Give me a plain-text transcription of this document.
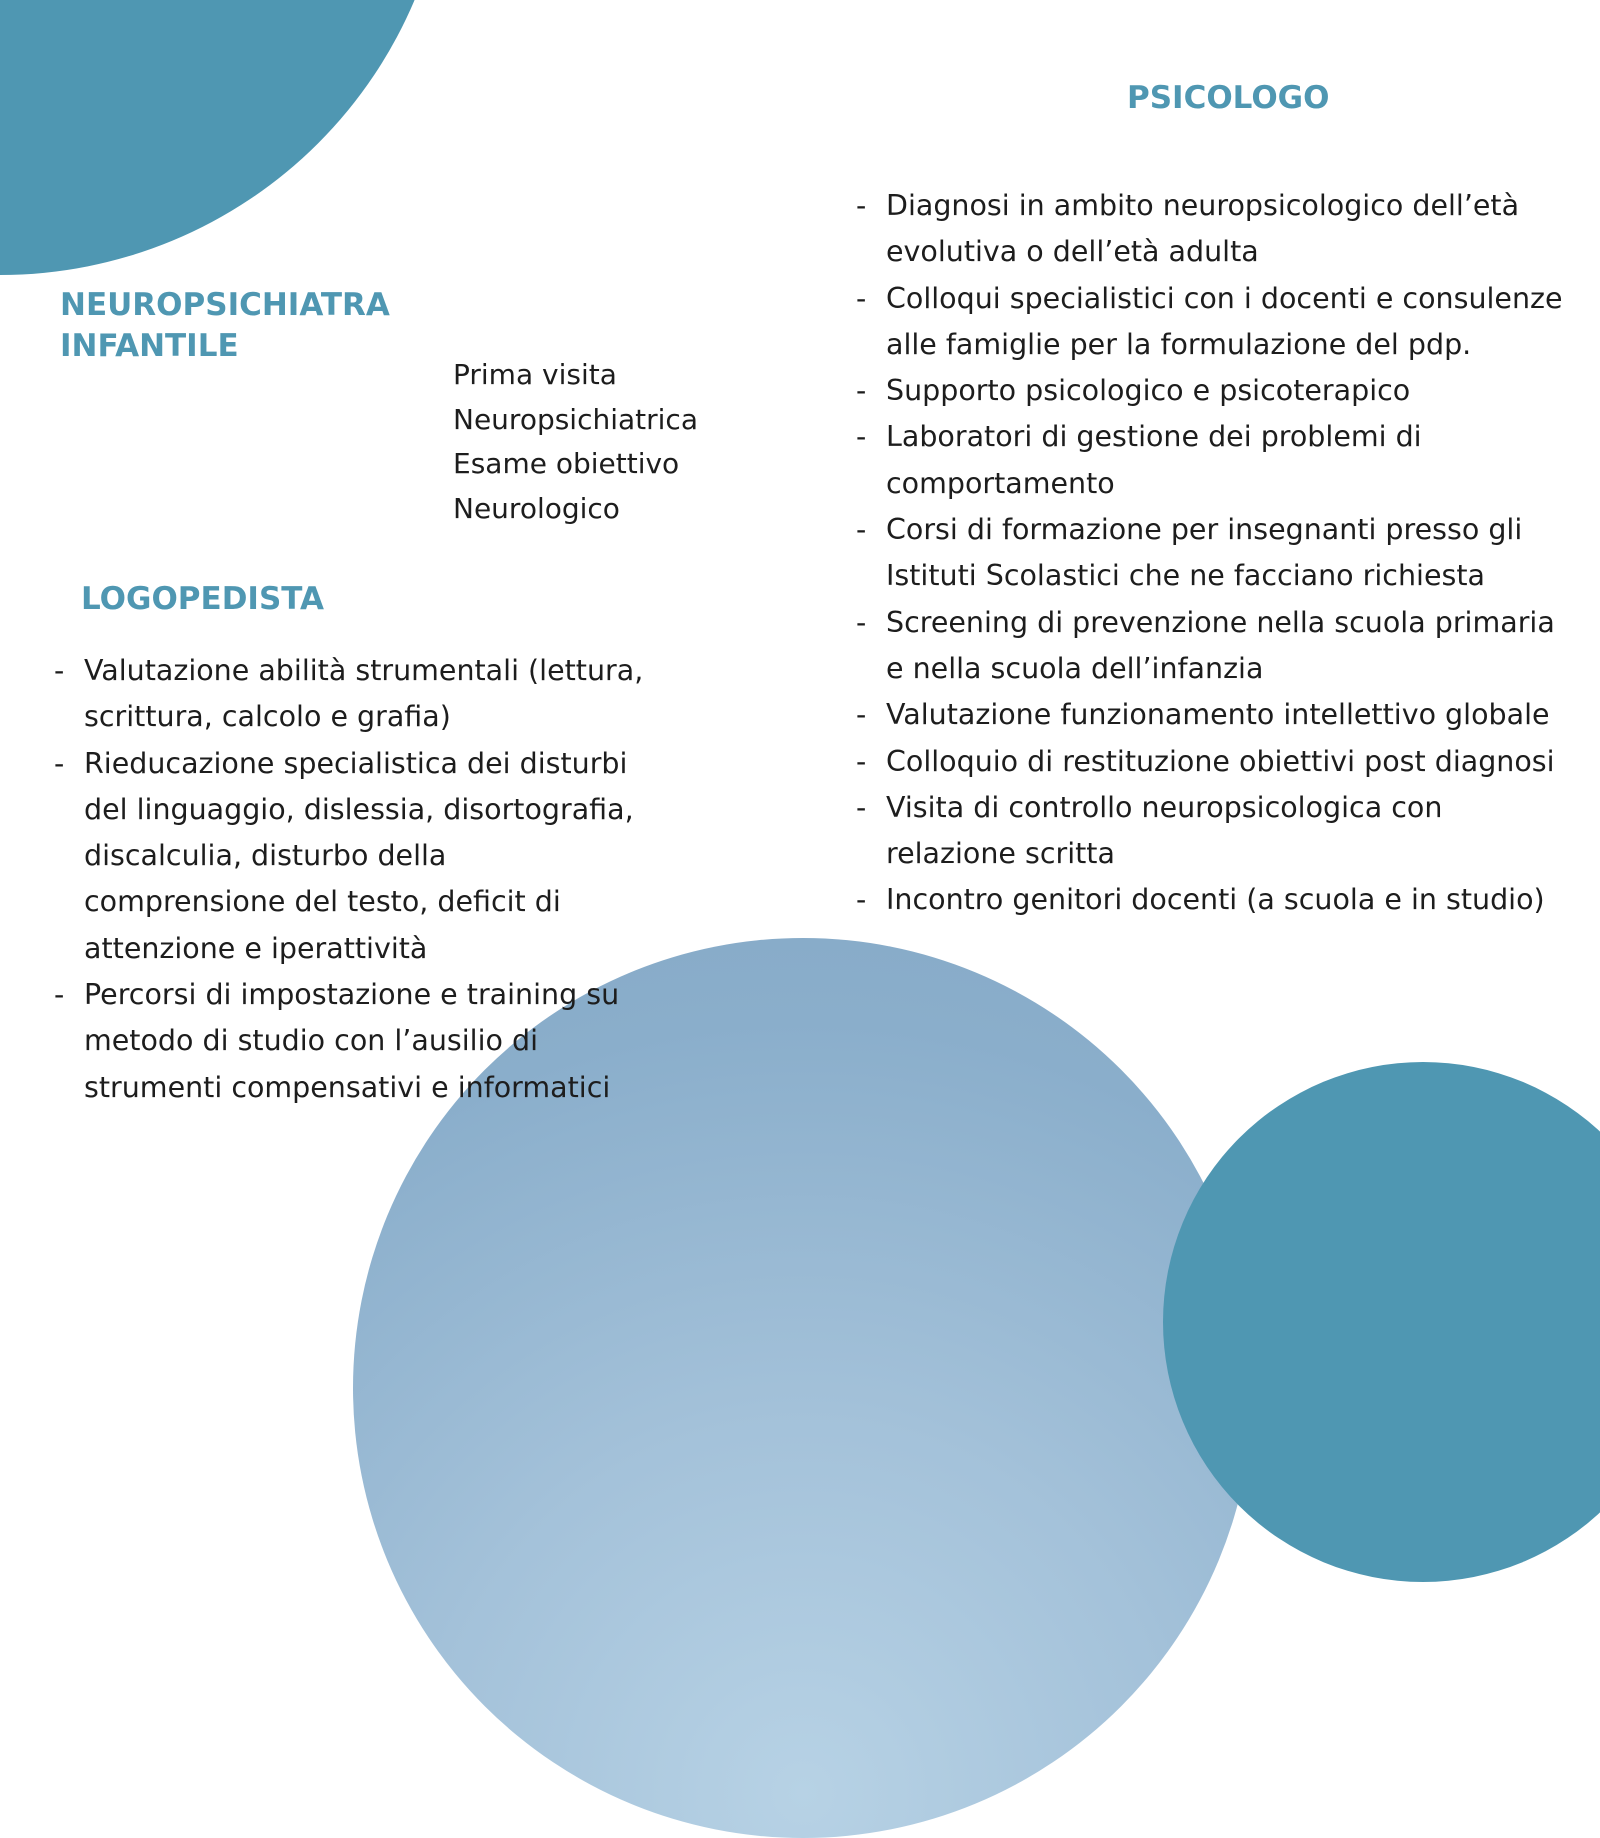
PSICOLOGO
- Diagnosi in ambito neuropsicologico dell’età evolutiva o dell’età adulta
- Colloqui specialistici con i docenti e consulenze alle famiglie per la formulazione del pdp.
- Supporto psicologico e psicoterapico
- Laboratori di gestione dei problemi di comportamento
- Corsi di formazione per insegnanti presso gli Istituti Scolastici che ne facciano richiesta
- Screening di prevenzione nella scuola primaria e nella scuola dell’infanzia
- Valutazione funzionamento intellettivo globale
- Colloquio di restituzione obiettivi post diagnosi
- Visita di controllo neuropsicologica con relazione scritta
- Incontro genitori docenti (a scuola e in studio)
NEUROPSICHIATRA
INFANTILE
Prima visita
Neuropsichiatrica
Esame obiettivo
Neurologico
LOGOPEDISTA
- Valutazione abilità strumentali (lettura, scrittura, calcolo e grafia)
- Rieducazione specialistica dei disturbi del linguaggio, dislessia, disortografia, discalculia, disturbo della comprensione del testo, deficit di attenzione e iperattività
- Percorsi di impostazione e training su metodo di studio con l’ausilio di strumenti compensativi e informatici
